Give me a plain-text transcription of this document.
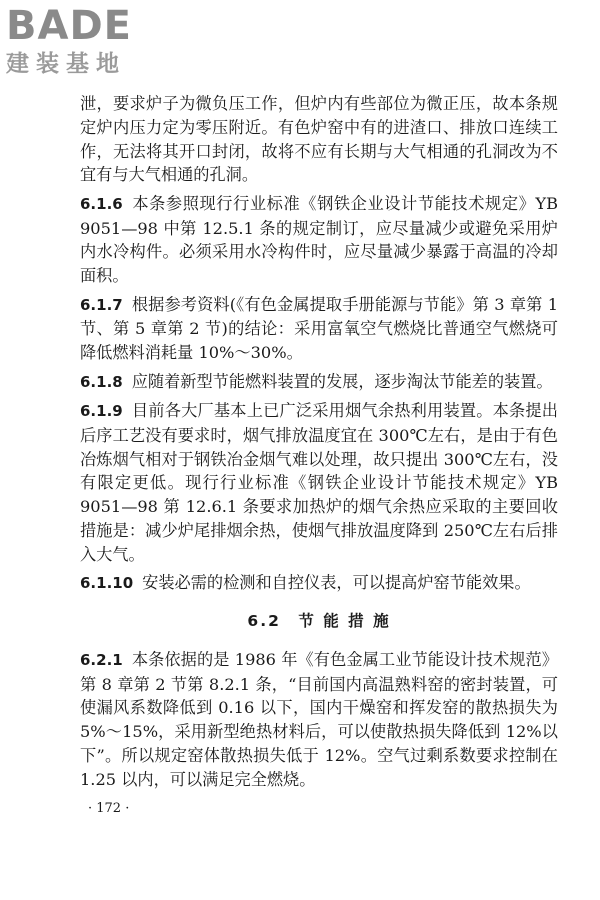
BADE
建装基地

泄，要求炉子为微负压工作，但炉内有些部位为微正压，故本条规定炉内压力定为零压附近。有色炉窑中有的进渣口、排放口连续工作，无法将其开口封闭，故将不应有长期与大气相通的孔洞改为不宜有与大气相通的孔洞。

6.1.6 本条参照现行行业标准《钢铁企业设计节能技术规定》YB 9051—98 中第 12.5.1 条的规定制订，应尽量减少或避免采用炉内水冷构件。必须采用水冷构件时，应尽量减少暴露于高温的冷却面积。

6.1.7 根据参考资料(《有色金属提取手册能源与节能》第 3 章第 1 节、第 5 章第 2 节)的结论：采用富氧空气燃烧比普通空气燃烧可降低燃料消耗量 10%～30%。

6.1.8 应随着新型节能燃料装置的发展，逐步淘汰节能差的装置。

6.1.9 目前各大厂基本上已广泛采用烟气余热利用装置。本条提出后序工艺没有要求时，烟气排放温度宜在 300℃左右，是由于有色冶炼烟气相对于钢铁冶金烟气难以处理，故只提出 300℃左右，没有限定更低。现行行业标准《钢铁企业设计节能技术规定》YB 9051—98 第 12.6.1 条要求加热炉的烟气余热应采取的主要回收措施是：减少炉尾排烟余热，使烟气排放温度降到 250℃左右后排入大气。

6.1.10 安装必需的检测和自控仪表，可以提高炉窑节能效果。

6.2　节 能 措 施

6.2.1 本条依据的是 1986 年《有色金属工业节能设计技术规范》第 8 章第 2 节第 8.2.1 条，“目前国内高温熟料窑的密封装置，可使漏风系数降低到 0.16 以下，国内干燥窑和挥发窑的散热损失为 5%～15%，采用新型绝热材料后，可以使散热损失降低到 12%以下”。所以规定窑体散热损失低于 12%。空气过剩系数要求控制在 1.25 以内，可以满足完全燃烧。

· 172 ·
